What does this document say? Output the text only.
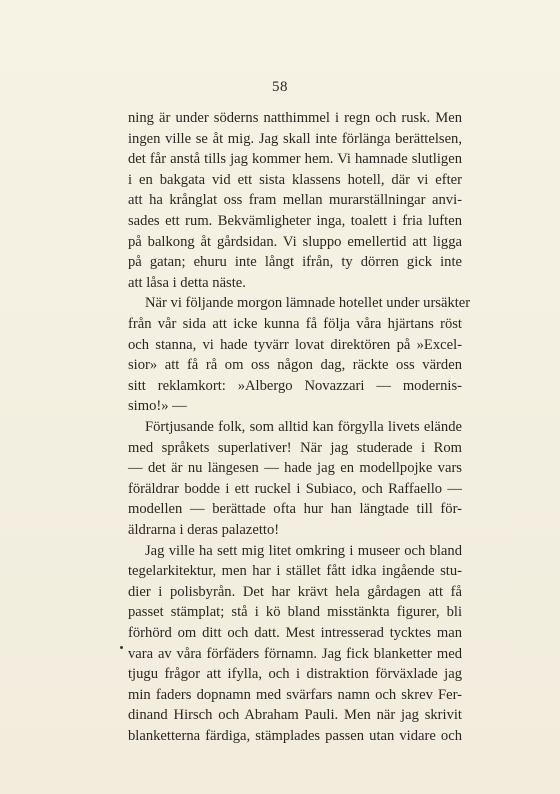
58
ning är under söderns natthimmel i regn och rusk. Men
ingen ville se åt mig. Jag skall inte förlänga berättelsen,
det får anstå tills jag kommer hem. Vi hamnade slutligen
i en bakgata vid ett sista klassens hotell, där vi efter
att ha krånglat oss fram mellan murarställningar anvi-
sades ett rum. Bekvämligheter inga, toalett i fria luften
på balkong åt gårdsidan. Vi sluppo emellertid att ligga
på gatan; ehuru inte långt ifrån, ty dörren gick inte
att låsa i detta näste.
När vi följande morgon lämnade hotellet under ursäkter
från vår sida att icke kunna få följa våra hjärtans röst
och stanna, vi hade tyvärr lovat direktören på »Excel-
sior» att få rå om oss någon dag, räckte oss värden
sitt reklamkort: »Albergo Novazzari — modernis-
simo!» —
Förtjusande folk, som alltid kan förgylla livets elände
med språkets superlativer! När jag studerade i Rom
— det är nu längesen — hade jag en modellpojke vars
föräldrar bodde i ett ruckel i Subiaco, och Raffaello —
modellen — berättade ofta hur han längtade till för-
äldrarna i deras palazetto!
Jag ville ha sett mig litet omkring i museer och bland
tegelarkitektur, men har i stället fått idka ingående stu-
dier i polisbyrån. Det har krävt hela gårdagen att få
passet stämplat; stå i kö bland misstänkta figurer, bli
förhörd om ditt och datt. Mest intresserad tycktes man
vara av våra förfäders förnamn. Jag fick blanketter med
tjugu frågor att ifylla, och i distraktion förväxlade jag
min faders dopnamn med svärfars namn och skrev Fer-
dinand Hirsch och Abraham Pauli. Men när jag skrivit
blanketterna färdiga, stämplades passen utan vidare och
